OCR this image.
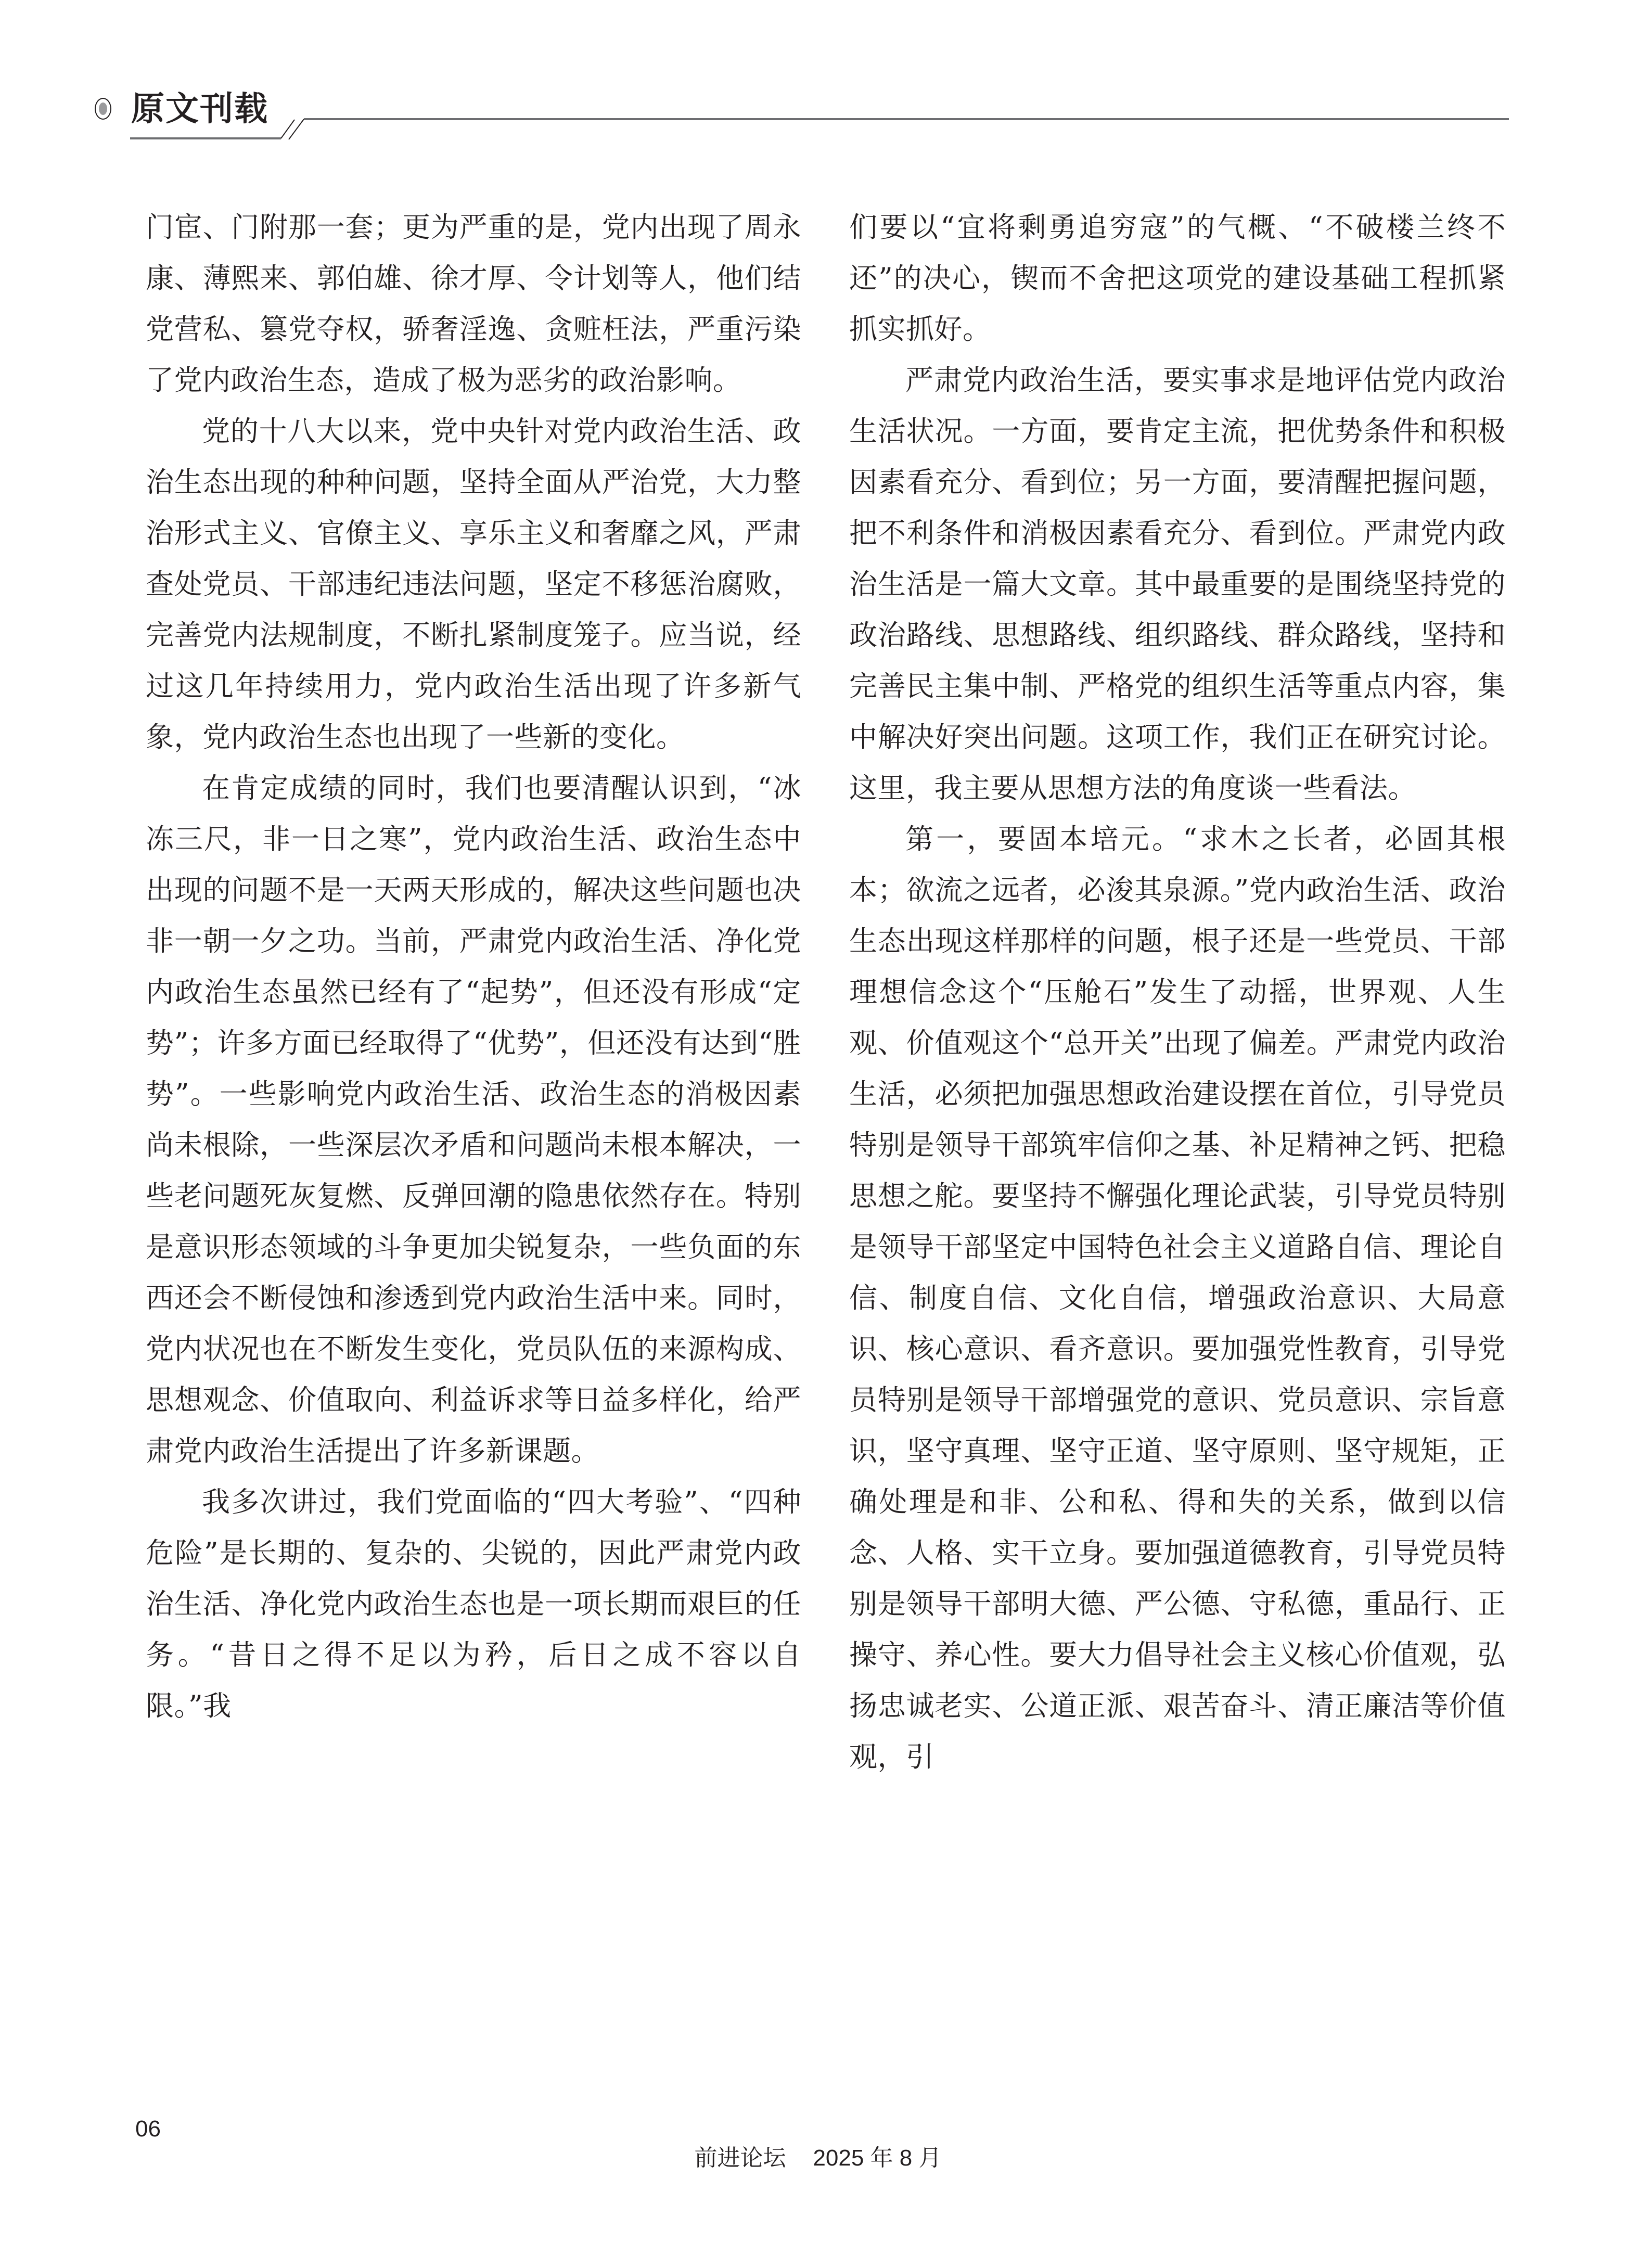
原文刊载

门宦、门附那一套；更为严重的是，党内出现了周永康、薄熙来、郭伯雄、徐才厚、令计划等人，他们结党营私、篡党夺权，骄奢淫逸、贪赃枉法，严重污染了党内政治生态，造成了极为恶劣的政治影响。

党的十八大以来，党中央针对党内政治生活、政治生态出现的种种问题，坚持全面从严治党，大力整治形式主义、官僚主义、享乐主义和奢靡之风，严肃查处党员、干部违纪违法问题，坚定不移惩治腐败，完善党内法规制度，不断扎紧制度笼子。应当说，经过这几年持续用力，党内政治生活出现了许多新气象，党内政治生态也出现了一些新的变化。

在肯定成绩的同时，我们也要清醒认识到，“冰冻三尺，非一日之寒”，党内政治生活、政治生态中出现的问题不是一天两天形成的，解决这些问题也决非一朝一夕之功。当前，严肃党内政治生活、净化党内政治生态虽然已经有了“起势”，但还没有形成“定势”；许多方面已经取得了“优势”，但还没有达到“胜势”。一些影响党内政治生活、政治生态的消极因素尚未根除，一些深层次矛盾和问题尚未根本解决，一些老问题死灰复燃、反弹回潮的隐患依然存在。特别是意识形态领域的斗争更加尖锐复杂，一些负面的东西还会不断侵蚀和渗透到党内政治生活中来。同时，党内状况也在不断发生变化，党员队伍的来源构成、思想观念、价值取向、利益诉求等日益多样化，给严肃党内政治生活提出了许多新课题。

我多次讲过，我们党面临的“四大考验”、“四种危险”是长期的、复杂的、尖锐的，因此严肃党内政治生活、净化党内政治生态也是一项长期而艰巨的任务。“昔日之得不足以为矜，后日之成不容以自限。”我

们要以“宜将剩勇追穷寇”的气概、“不破楼兰终不还”的决心，锲而不舍把这项党的建设基础工程抓紧抓实抓好。

严肃党内政治生活，要实事求是地评估党内政治生活状况。一方面，要肯定主流，把优势条件和积极因素看充分、看到位；另一方面，要清醒把握问题，把不利条件和消极因素看充分、看到位。严肃党内政治生活是一篇大文章。其中最重要的是围绕坚持党的政治路线、思想路线、组织路线、群众路线，坚持和完善民主集中制、严格党的组织生活等重点内容，集中解决好突出问题。这项工作，我们正在研究讨论。这里，我主要从思想方法的角度谈一些看法。

第一，要固本培元。“求木之长者，必固其根本；欲流之远者，必浚其泉源。”党内政治生活、政治生态出现这样那样的问题，根子还是一些党员、干部理想信念这个“压舱石”发生了动摇，世界观、人生观、价值观这个“总开关”出现了偏差。严肃党内政治生活，必须把加强思想政治建设摆在首位，引导党员特别是领导干部筑牢信仰之基、补足精神之钙、把稳思想之舵。要坚持不懈强化理论武装，引导党员特别是领导干部坚定中国特色社会主义道路自信、理论自信、制度自信、文化自信，增强政治意识、大局意识、核心意识、看齐意识。要加强党性教育，引导党员特别是领导干部增强党的意识、党员意识、宗旨意识，坚守真理、坚守正道、坚守原则、坚守规矩，正确处理是和非、公和私、得和失的关系，做到以信念、人格、实干立身。要加强道德教育，引导党员特别是领导干部明大德、严公德、守私德，重品行、正操守、养心性。要大力倡导社会主义核心价值观，弘扬忠诚老实、公道正派、艰苦奋斗、清正廉洁等价值观，引

06

前进论坛 2025 年 8 月
